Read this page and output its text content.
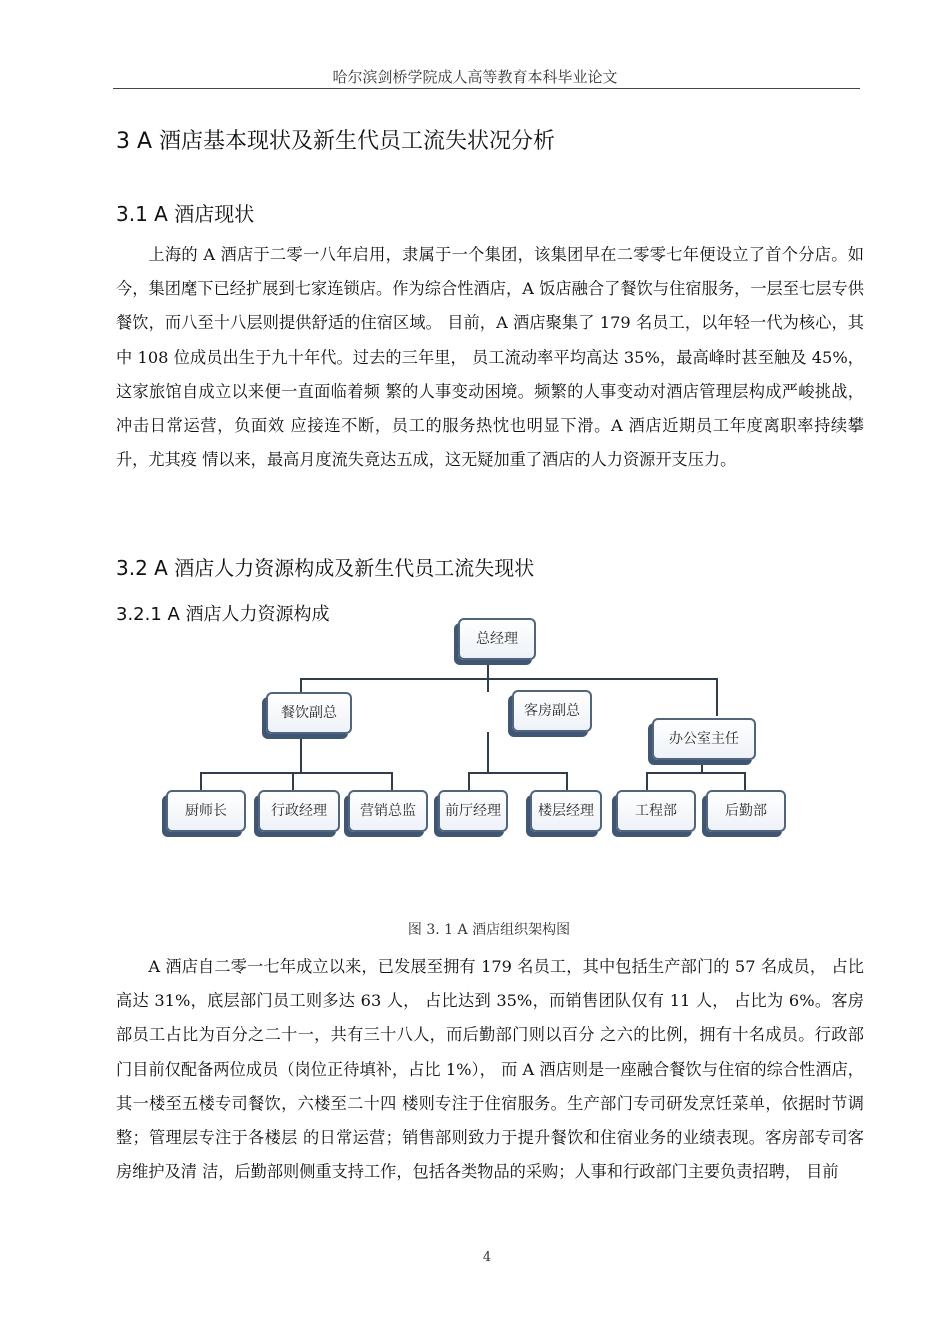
哈尔滨剑桥学院成人高等教育本科毕业论文
3 A 酒店基本现状及新生代员工流失状况分析
3.1 A 酒店现状

上海的 A 酒店于二零一八年启用，隶属于一个集团，该集团早在二零零七年便设立了首个分店。如今，集团麾下已经扩展到七家连锁店。作为综合性酒店，A 饭店融合了餐饮与住宿服务，一层至七层专供餐饮，而八至十八层则提供舒适的住宿区域。 目前，A 酒店聚集了 179 名员工，以年轻一代为核心，其中 108 位成员出生于九十年代。过去的三年里， 员工流动率平均高达 35%，最高峰时甚至触及 45%，这家旅馆自成立以来便一直面临着频 繁的人事变动困境。频繁的人事变动对酒店管理层构成严峻挑战，冲击日常运营，负面效 应接连不断，员工的服务热忱也明显下滑。A 酒店近期员工年度离职率持续攀升，尤其疫 情以来，最高月度流失竟达五成，这无疑加重了酒店的人力资源开支压力。

3.2 A 酒店人力资源构成及新生代员工流失现状
3.2.1 A 酒店人力资源构成
总经理
餐饮副总	客房副总
办公室主任
厨师长	行政经理	营销总监	前厅经理	楼层经理	工程部	后勤部
图 3. 1 A 酒店组织架构图

A 酒店自二零一七年成立以来，已发展至拥有 179 名员工，其中包括生产部门的 57 名成员， 占比高达 31%，底层部门员工则多达 63 人， 占比达到 35%，而销售团队仅有 11 人， 占比为 6%。客房部员工占比为百分之二十一，共有三十八人，而后勤部门则以百分 之六的比例，拥有十名成员。行政部门目前仅配备两位成员（岗位正待填补，占比 1%）， 而 A 酒店则是一座融合餐饮与住宿的综合性酒店，其一楼至五楼专司餐饮，六楼至二十四 楼则专注于住宿服务。生产部门专司研发烹饪菜单，依据时节调整；管理层专注于各楼层 的日常运营；销售部则致力于提升餐饮和住宿业务的业绩表现。客房部专司客房维护及清 洁，后勤部则侧重支持工作，包括各类物品的采购；人事和行政部门主要负责招聘， 目前

4
